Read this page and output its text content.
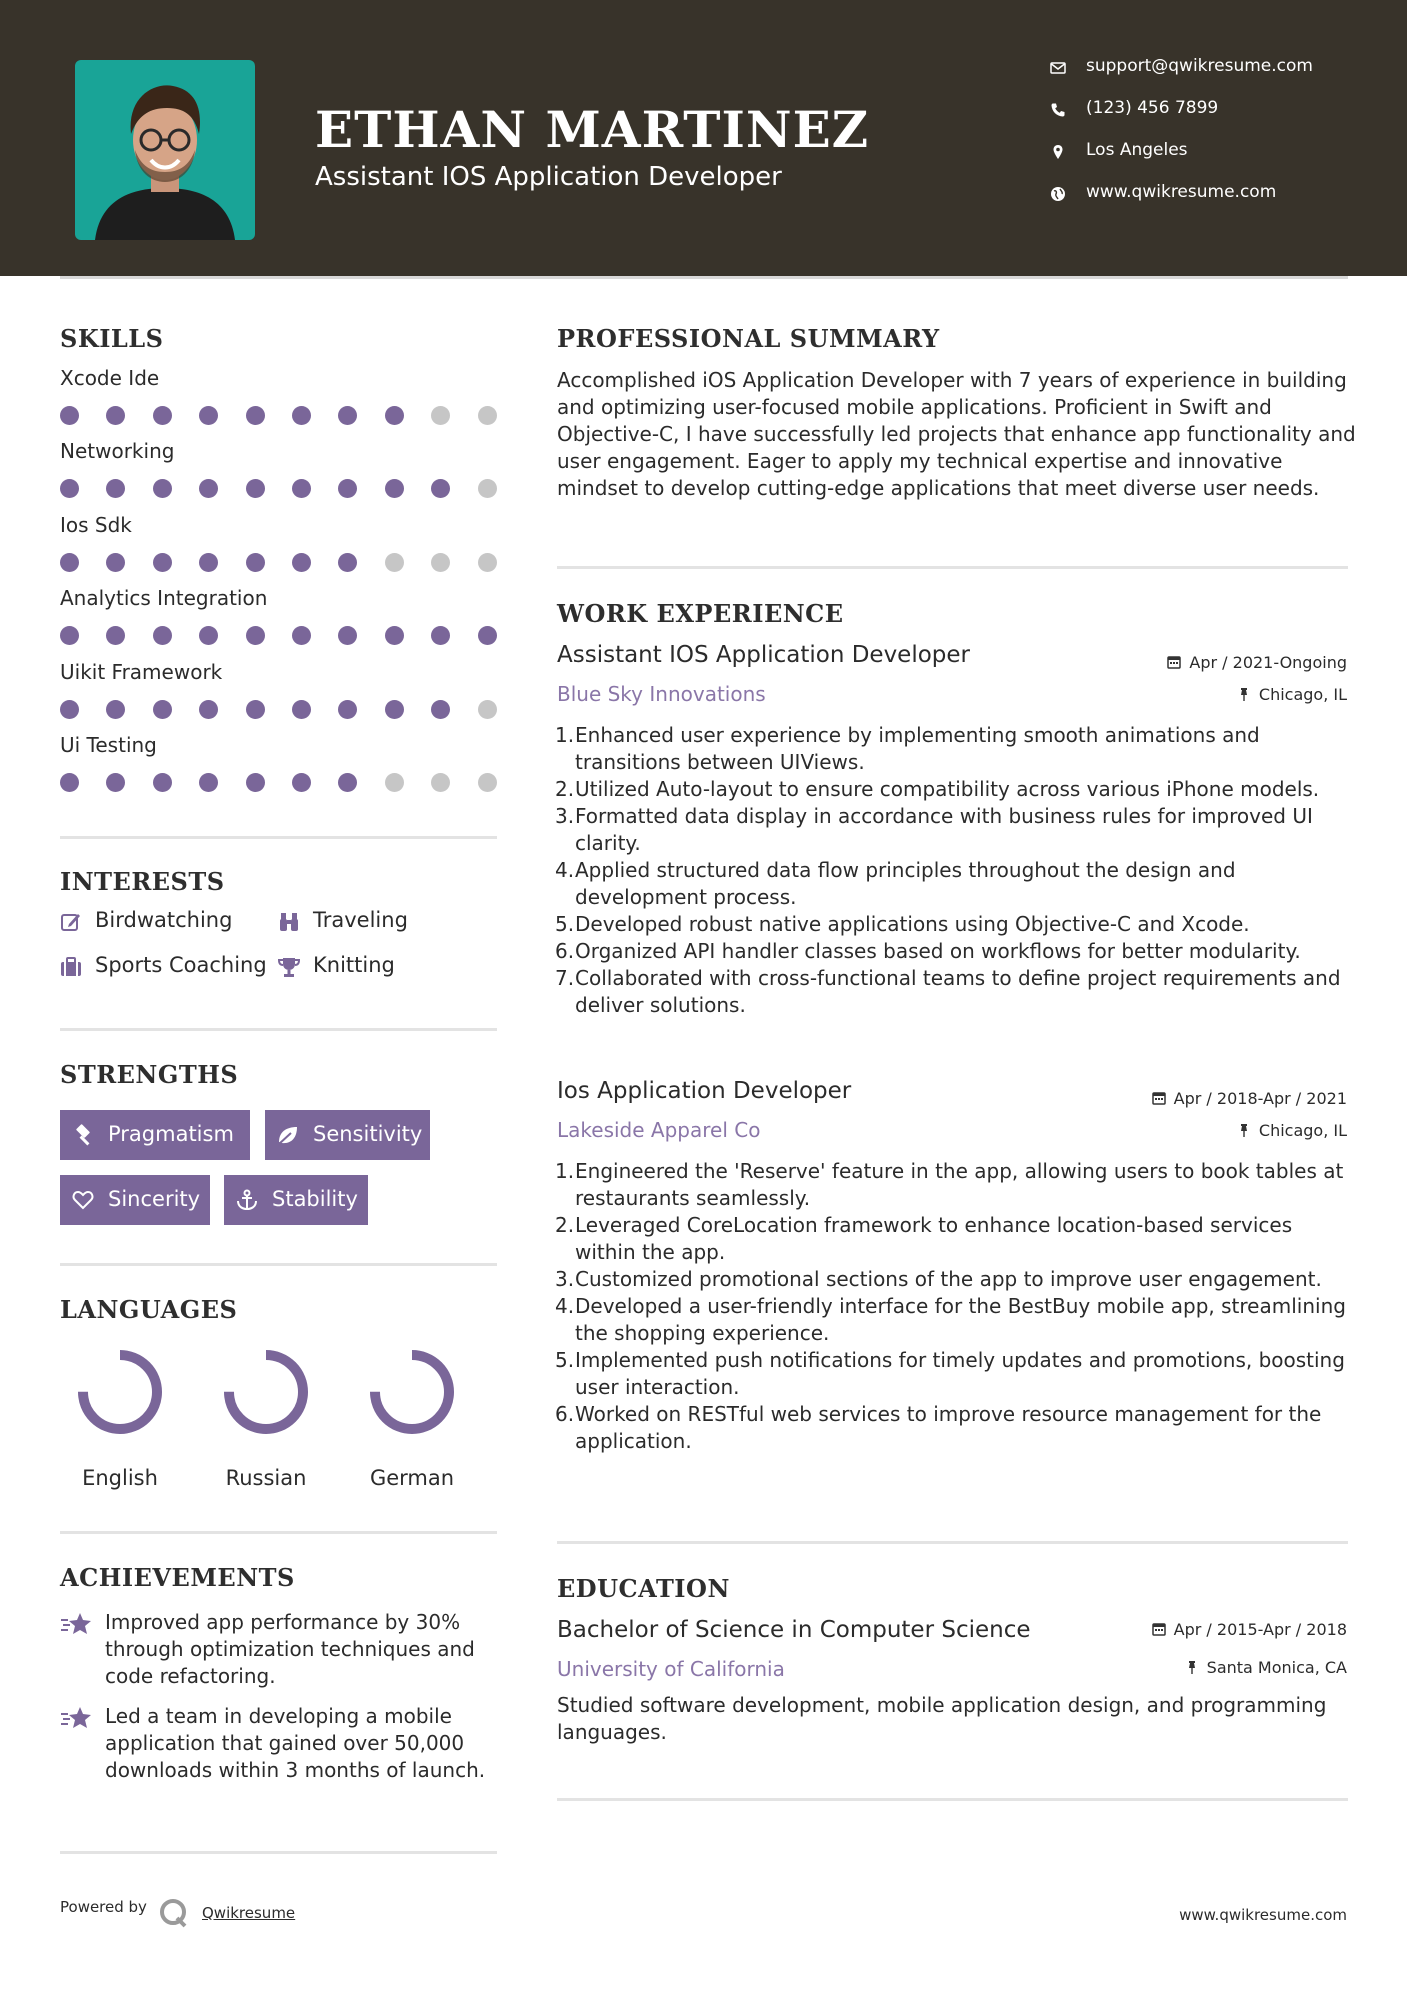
ETHAN MARTINEZ
Assistant IOS Application Developer
support@qwikresume.com
(123) 456 7899
Los Angeles
www.qwikresume.com
SKILLS
Xcode Ide
Networking
Ios Sdk
Analytics Integration
Uikit Framework
Ui Testing
INTERESTS
Birdwatching	Traveling
Sports Coaching Knitting
STRENGTHS
Pragmatism	Sensitivity
Sincerity	Stability
LANGUAGES
English	Russian	German
ACHIEVEMENTS
Improved app performance by 30% through optimization techniques and code refactoring.
Led a team in developing a mobile application that gained over 50,000 downloads within 3 months of launch.
PROFESSIONAL SUMMARY
Accomplished iOS Application Developer with 7 years of experience in building and optimizing user-focused mobile applications. Proficient in Swift and Objective-C, I have successfully led projects that enhance app functionality and user engagement. Eager to apply my technical expertise and innovative mindset to develop cutting-edge applications that meet diverse user needs.
WORK EXPERIENCE
Assistant IOS Application Developer
Blue Sky Innovations
Apr / 2021-Ongoing
Chicago, IL
1. Enhanced user experience by implementing smooth animations and transitions between UIViews.
2. Utilized Auto-layout to ensure compatibility across various iPhone models.
3. Formatted data display in accordance with business rules for improved UI clarity.
4. Applied structured data flow principles throughout the design and development process.
5. Developed robust native applications using Objective-C and Xcode.
6. Organized API handler classes based on workflows for better modularity.
7. Collaborated with cross-functional teams to define project requirements and deliver solutions.
Ios Application Developer
Lakeside Apparel Co
Apr / 2018-Apr / 2021
Chicago, IL
1. Engineered the 'Reserve' feature in the app, allowing users to book tables at restaurants seamlessly.
2. Leveraged CoreLocation framework to enhance location-based services within the app.
3. Customized promotional sections of the app to improve user engagement.
4. Developed a user-friendly interface for the BestBuy mobile app, streamlining the shopping experience.
5. Implemented push notifications for timely updates and promotions, boosting user interaction.
6. Worked on RESTful web services to improve resource management for the application.
EDUCATION
Bachelor of Science in Computer Science
University of California
Apr / 2015-Apr / 2018
Santa Monica, CA
Studied software development, mobile application design, and programming languages.
Powered by	Qwikresume	www.qwikresume.com
